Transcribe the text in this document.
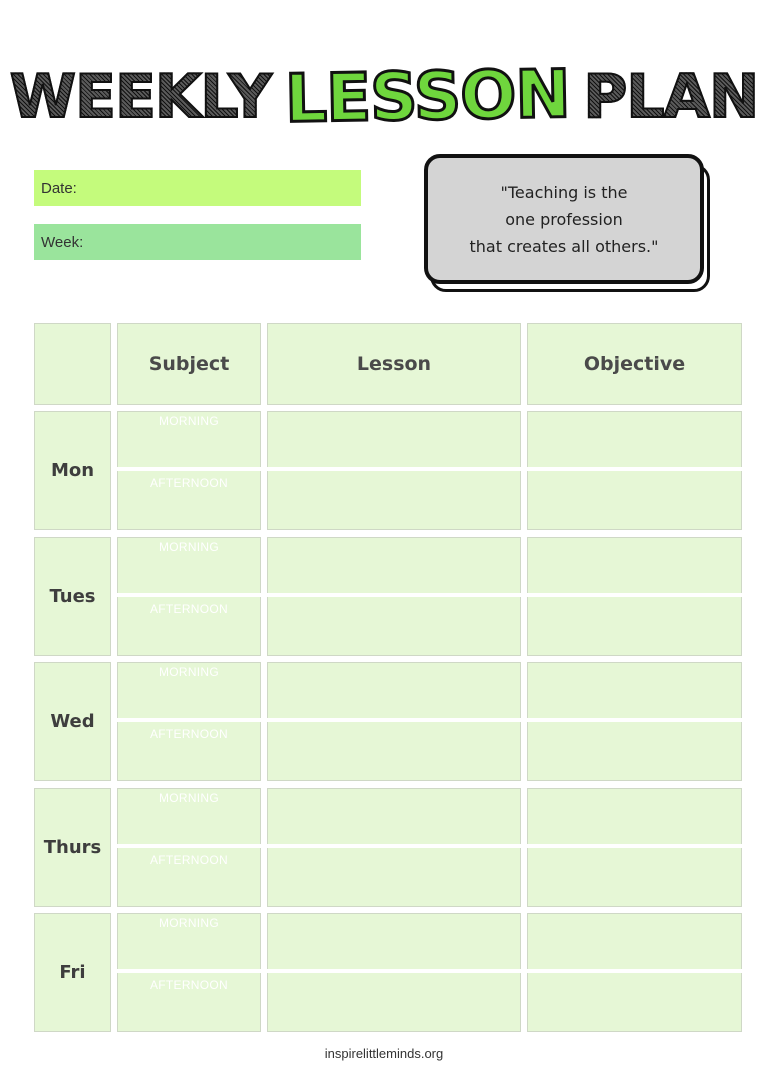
WEEKLY LESSON PLAN
Date:
Week:
"Teaching is the
one profession
that creates all others."
Subject	Lesson	Objective
Mon
MORNING
AFTERNOON
Tues
MORNING
AFTERNOON
Wed
MORNING
AFTERNOON
Thurs
MORNING
AFTERNOON
Fri
MORNING
AFTERNOON
inspirelittleminds.org
